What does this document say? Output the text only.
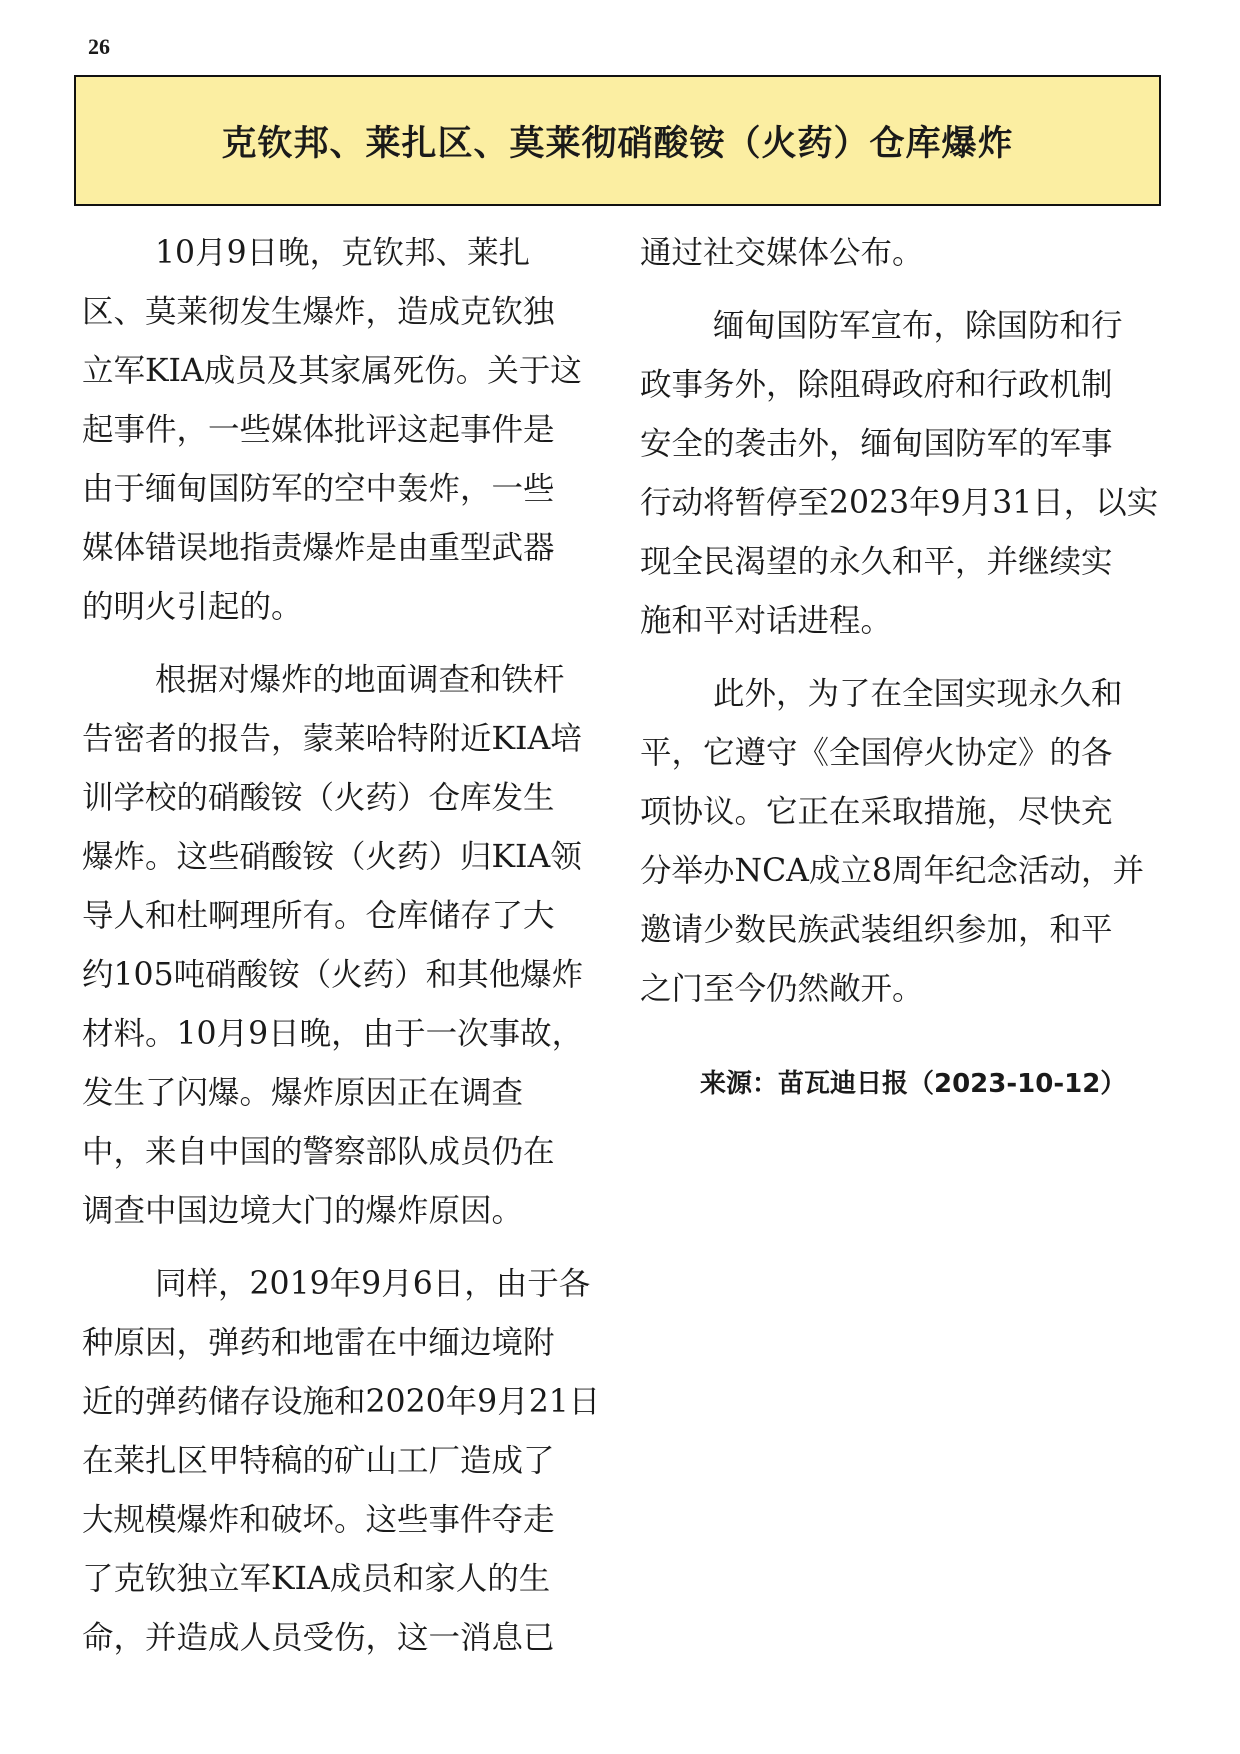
26
克钦邦、莱扎区、莫莱彻硝酸铵（火药）仓库爆炸
10月9日晚，克钦邦、莱扎
区、莫莱彻发生爆炸，造成克钦独
立军KIA成员及其家属死伤。关于这
起事件，一些媒体批评这起事件是
由于缅甸国防军的空中轰炸，一些
媒体错误地指责爆炸是由重型武器
的明火引起的。
根据对爆炸的地面调查和铁杆
告密者的报告，蒙莱哈特附近KIA培
训学校的硝酸铵（火药）仓库发生
爆炸。这些硝酸铵（火药）归KIA领
导人和杜啊理所有。仓库储存了大
约105吨硝酸铵（火药）和其他爆炸
材料。10月9日晚，由于一次事故，
发生了闪爆。爆炸原因正在调查
中，来自中国的警察部队成员仍在
调查中国边境大门的爆炸原因。
同样，2019年9月6日，由于各
种原因，弹药和地雷在中缅边境附
近的弹药储存设施和2020年9月21日
在莱扎区甲特稿的矿山工厂造成了
大规模爆炸和破坏。这些事件夺走
了克钦独立军KIA成员和家人的生
命，并造成人员受伤，这一消息已
通过社交媒体公布。
缅甸国防军宣布，除国防和行
政事务外，除阻碍政府和行政机制
安全的袭击外，缅甸国防军的军事
行动将暂停至2023年9月31日，以实
现全民渴望的永久和平，并继续实
施和平对话进程。
此外，为了在全国实现永久和
平，它遵守《全国停火协定》的各
项协议。它正在采取措施，尽快充
分举办NCA成立8周年纪念活动，并
邀请少数民族武装组织参加，和平
之门至今仍然敞开。
来源：苗瓦迪日报（2023-10-12）
